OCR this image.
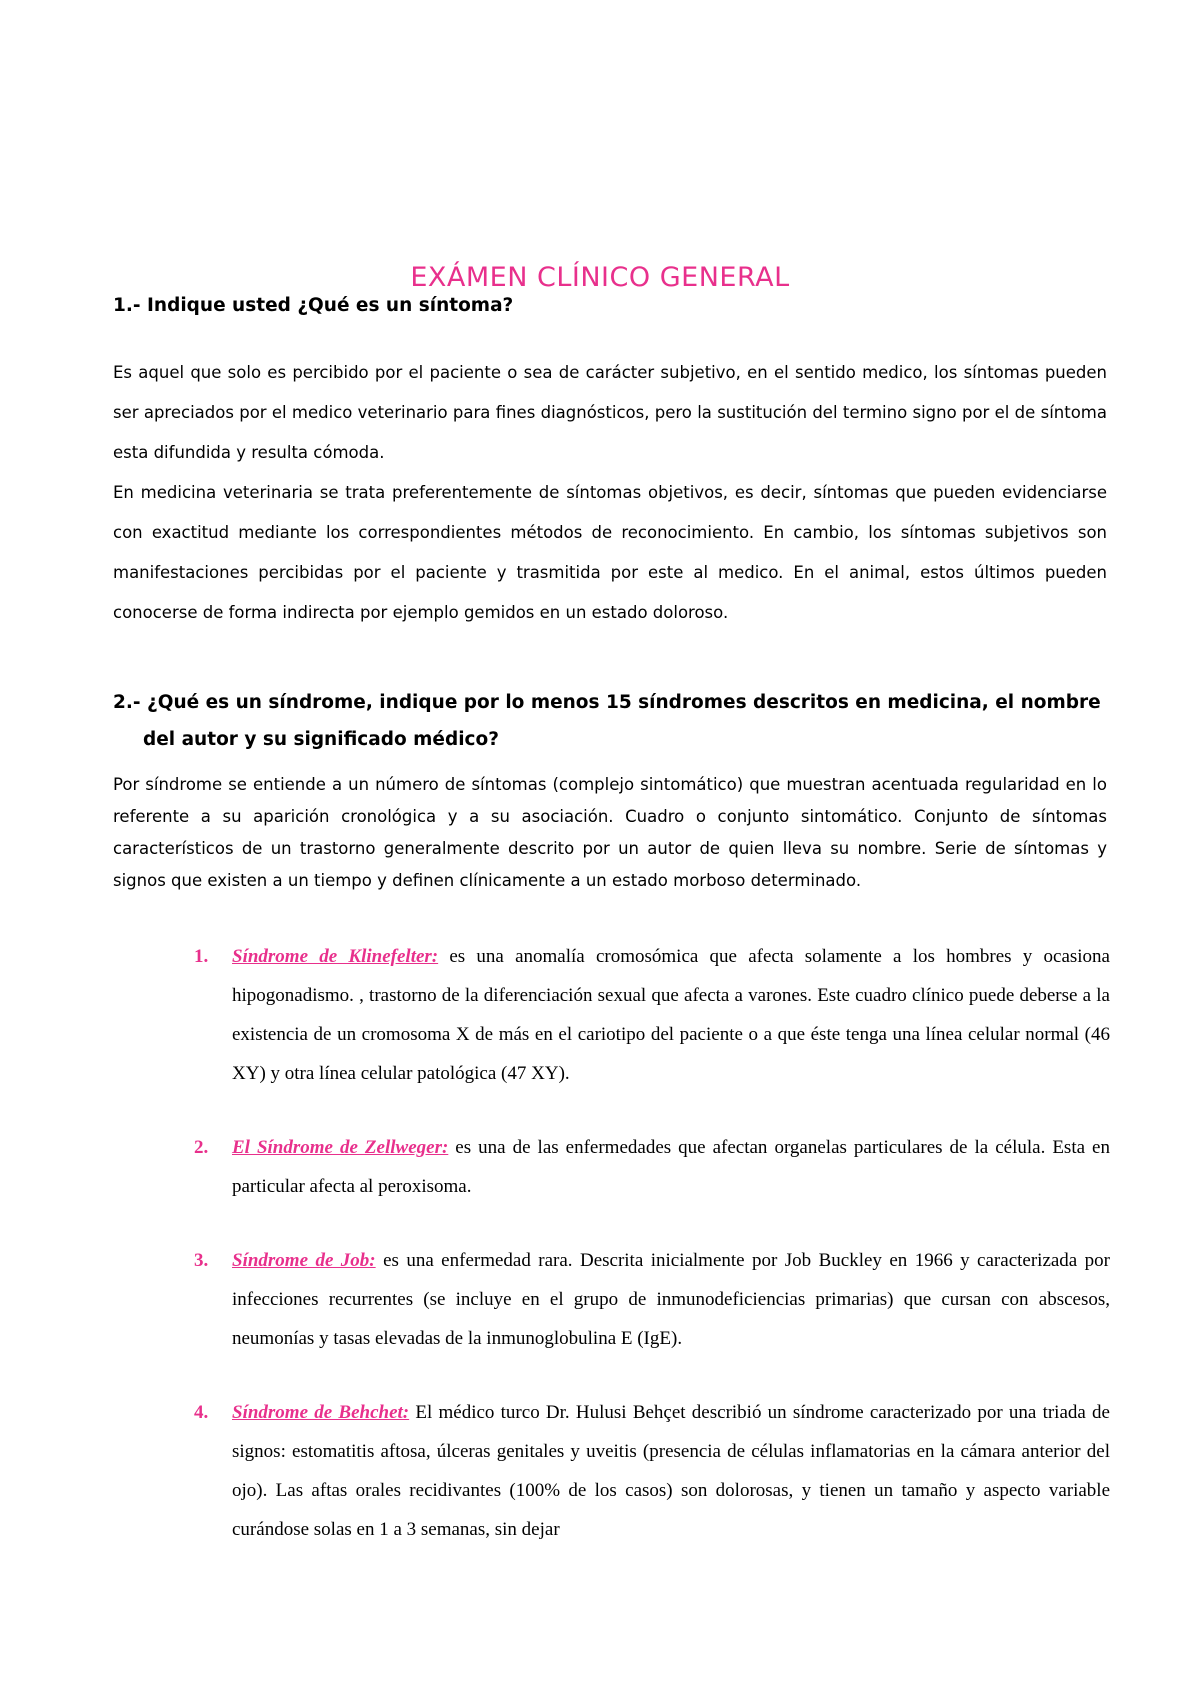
EXÁMEN CLÍNICO GENERAL
1.- Indique usted ¿Qué es un síntoma?
Es aquel que solo es percibido por el paciente o sea de carácter subjetivo, en el sentido medico, los síntomas pueden ser apreciados por el medico veterinario para fines diagnósticos, pero la sustitución del termino signo por el de síntoma esta difundida y resulta cómoda.
En medicina veterinaria se trata preferentemente de síntomas objetivos, es decir, síntomas que pueden evidenciarse con exactitud mediante los correspondientes métodos de reconocimiento. En cambio, los síntomas subjetivos son manifestaciones percibidas por el paciente y trasmitida por este al medico. En el animal, estos últimos pueden conocerse de forma indirecta por ejemplo gemidos en un estado doloroso.
2.- ¿Qué es un síndrome, indique por lo menos 15 síndromes descritos en medicina, el nombre del autor y su significado médico?
Por síndrome se entiende a un número de síntomas (complejo sintomático) que muestran acentuada regularidad en lo referente a su aparición cronológica y a su asociación. Cuadro o conjunto sintomático. Conjunto de síntomas característicos de un trastorno generalmente descrito por un autor de quien lleva su nombre. Serie de síntomas y signos que existen a un tiempo y definen clínicamente a un estado morboso determinado.
1. Síndrome de Klinefelter: es una anomalía cromosómica que afecta solamente a los hombres y ocasiona hipogonadismo. , trastorno de la diferenciación sexual que afecta a varones. Este cuadro clínico puede deberse a la existencia de un cromosoma X de más en el cariotipo del paciente o a que éste tenga una línea celular normal (46 XY) y otra línea celular patológica (47 XY).
2. El Síndrome de Zellweger: es una de las enfermedades que afectan organelas particulares de la célula. Esta en particular afecta al peroxisoma.
3. Síndrome de Job: es una enfermedad rara. Descrita inicialmente por Job Buckley en 1966 y caracterizada por infecciones recurrentes (se incluye en el grupo de inmunodeficiencias primarias) que cursan con abscesos, neumonías y tasas elevadas de la inmunoglobulina E (IgE).
4. Síndrome de Behchet: El médico turco Dr. Hulusi Behçet describió un síndrome caracterizado por una triada de signos: estomatitis aftosa, úlceras genitales y uveitis (presencia de células inflamatorias en la cámara anterior del ojo). Las aftas orales recidivantes (100% de los casos) son dolorosas, y tienen un tamaño y aspecto variable curándose solas en 1 a 3 semanas, sin dejar
